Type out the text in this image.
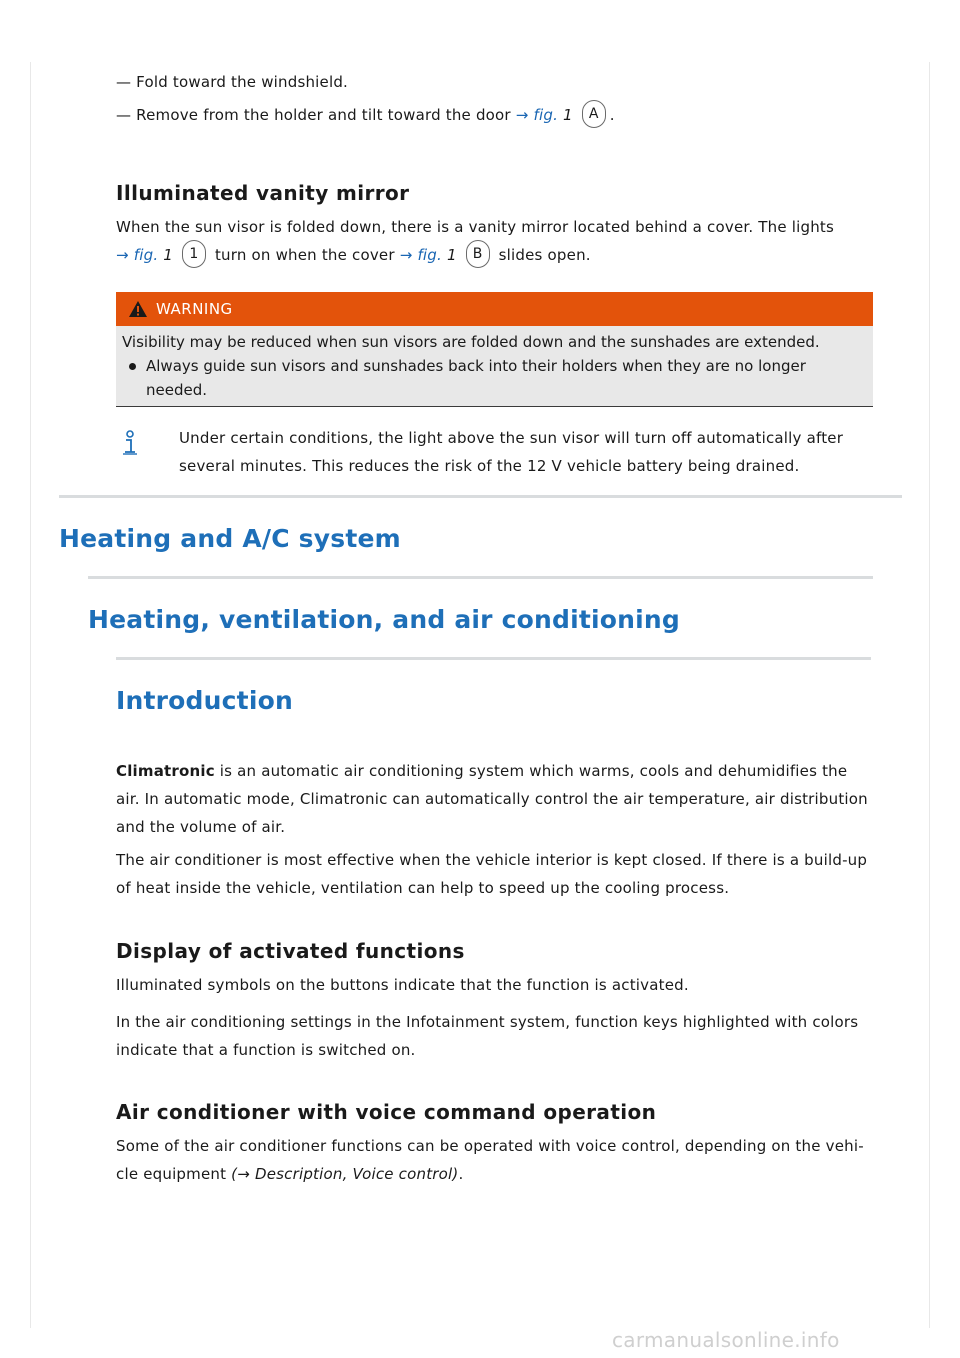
— Fold toward the windshield.
— Remove from the holder and tilt toward the door → fig. 1 A .
Illuminated vanity mirror
When the sun visor is folded down, there is a vanity mirror located behind a cover. The lights
→ fig. 1 1 turn on when the cover → fig. 1 B slides open.
WARNING
Visibility may be reduced when sun visors are folded down and the sunshades are extended.
Always guide sun visors and sunshades back into their holders when they are no longer needed.
Under certain conditions, the light above the sun visor will turn off automatically after
several minutes. This reduces the risk of the 12 V vehicle battery being drained.
Heating and A/C system
Heating, ventilation, and air conditioning
Introduction
Climatronic is an automatic air conditioning system which warms, cools and dehumidifies the
air. In automatic mode, Climatronic can automatically control the air temperature, air distribution
and the volume of air.
The air conditioner is most effective when the vehicle interior is kept closed. If there is a build-up
of heat inside the vehicle, ventilation can help to speed up the cooling process.
Display of activated functions
Illuminated symbols on the buttons indicate that the function is activated.
In the air conditioning settings in the Infotainment system, function keys highlighted with colors
indicate that a function is switched on.
Air conditioner with voice command operation
Some of the air conditioner functions can be operated with voice control, depending on the vehi-
cle equipment (→ Description, Voice control).
carmanualsonline.info
